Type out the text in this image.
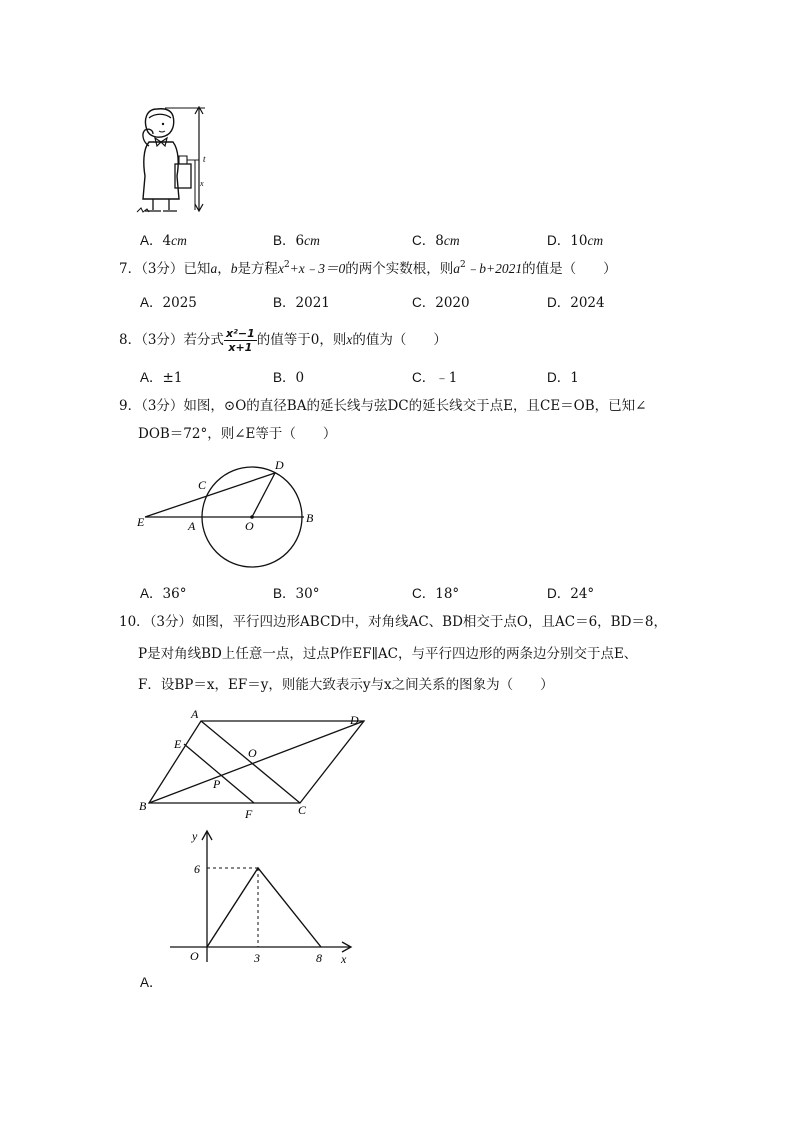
t
x
A．4cm	B．6cm	C．8cm	D．10cm
7．（3分）已知a，b是方程$x^2+x﹣3=0$的两个实数根，则$a^2﹣b+2021$的值是（　　）
A．2025	B．2021	C．2020	D．2024
8．（3分）若分式 $\frac{\text{x²−1}}{x+1}$ 的值等于0，则x的值为（　　）
A．±1	B．0	C．﹣1	D．1
9．（3分）如图，⊙O的直径BA的延长线与弦DC的延长线交于点E，且CE＝OB，已知∠
DOB＝72°，则∠E等于（　　）
D
C
E	A	O
B
A．36°	B．30°	C．18°	D．24°
10．（3分）如图，平行四边形ABCD中，对角线AC、BD相交于点O，且AC＝6，BD＝8，
P是对角线BD上任意一点，过点P作EF∥AC，与平行四边形的两条边分别交于点E、
F．设BP＝x，EF＝y，则能大致表示y与x之间关系的图象为（　　）
A	D
E
O
P
B
F	C
y
6
O	3	8 x
A．
